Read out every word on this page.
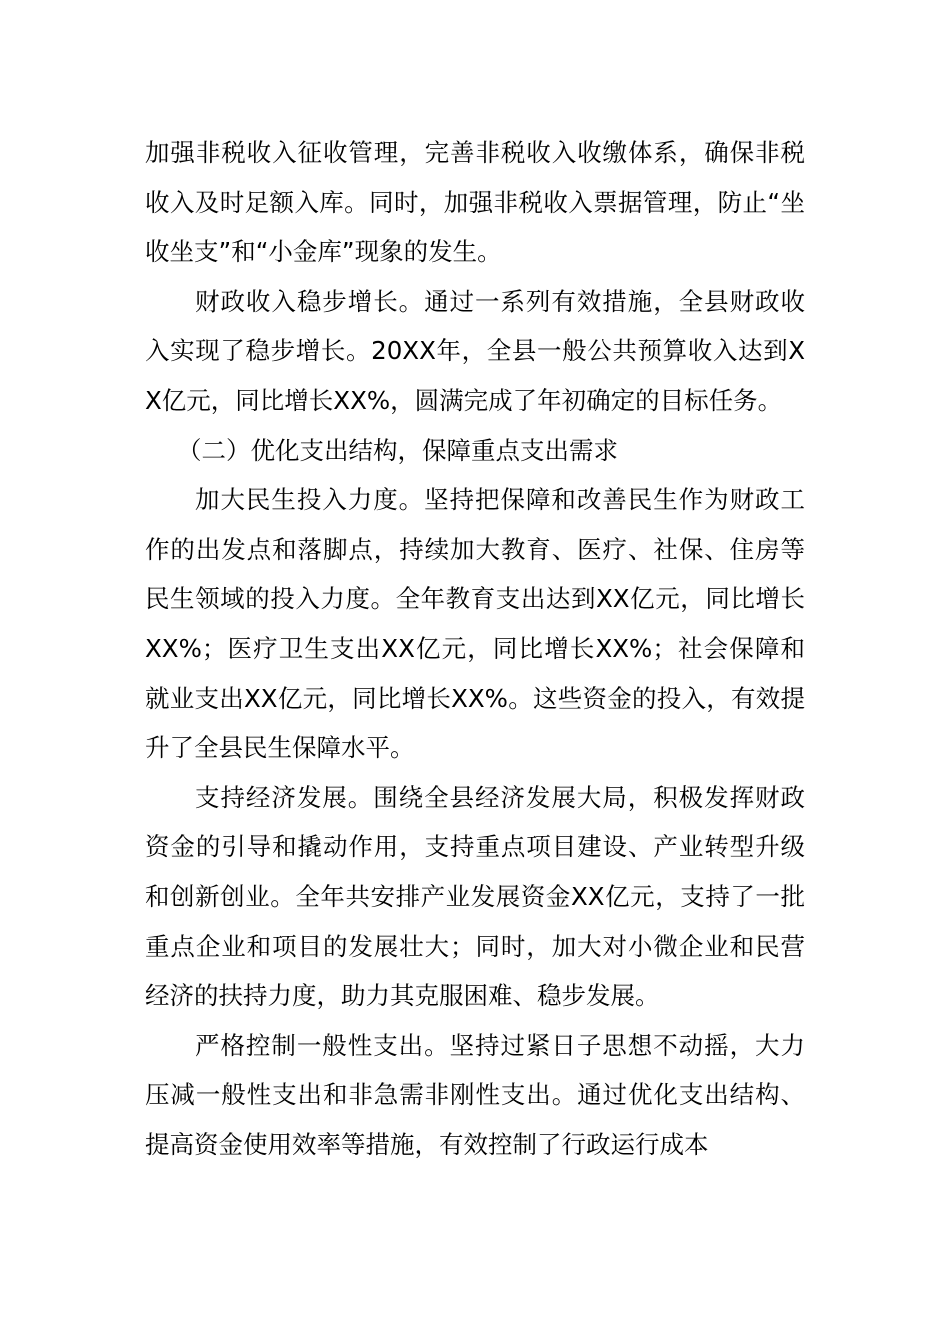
加强非税收入征收管理，完善非税收入收缴体系，确保非税收入及时足额入库。同时，加强非税收入票据管理，防止“坐收坐支”和“小金库”现象的发生。

财政收入稳步增长。通过一系列有效措施，全县财政收入实现了稳步增长。20XX年，全县一般公共预算收入达到XX亿元，同比增长XX%，圆满完成了年初确定的目标任务。

（二）优化支出结构，保障重点支出需求

加大民生投入力度。坚持把保障和改善民生作为财政工作的出发点和落脚点，持续加大教育、医疗、社保、住房等民生领域的投入力度。全年教育支出达到XX亿元，同比增长XX%；医疗卫生支出XX亿元，同比增长XX%；社会保障和就业支出XX亿元，同比增长XX%。这些资金的投入，有效提升了全县民生保障水平。

支持经济发展。围绕全县经济发展大局，积极发挥财政资金的引导和撬动作用，支持重点项目建设、产业转型升级和创新创业。全年共安排产业发展资金XX亿元，支持了一批重点企业和项目的发展壮大；同时，加大对小微企业和民营经济的扶持力度，助力其克服困难、稳步发展。

严格控制一般性支出。坚持过紧日子思想不动摇，大力压减一般性支出和非急需非刚性支出。通过优化支出结构、提高资金使用效率等措施，有效控制了行政运行成本
